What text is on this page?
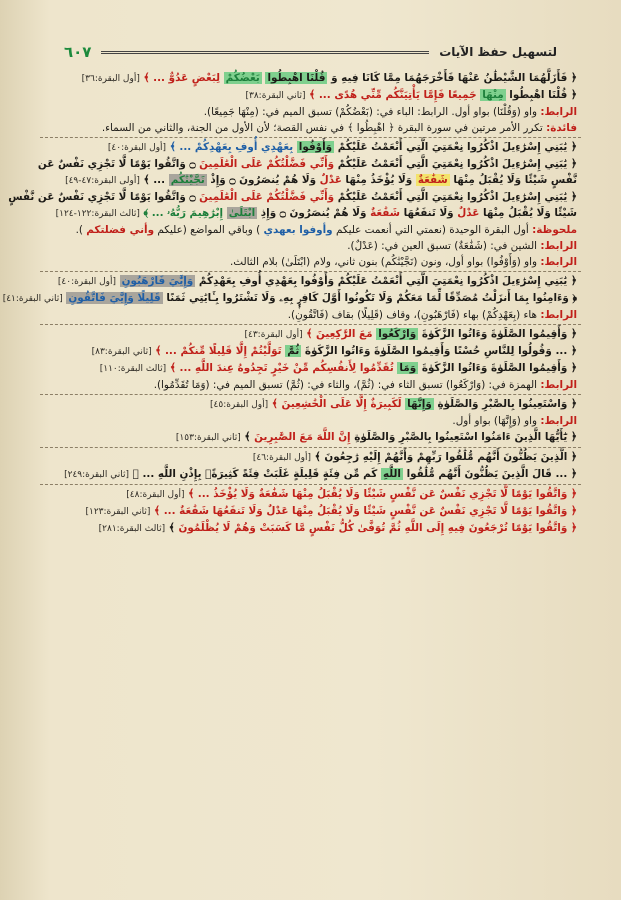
لتسهيل حفظ الآيات
٦٠٧
﴿ فَأَزَلَّهُمَا الشَّيْطَٰنُ عَنْهَا فَأَخْرَجَهُمَا مِمَّا كَانَا فِيهِ وَ قُلْنَا اهْبِطُوا بَعْضُكُمْ لِبَعْضٍ عَدُوٌّ ... ﴾ [أول البقرة:٣٦]
﴿ قُلْنَا اهْبِطُوا مِنْهَا جَمِيعًا فَإِمَّا يَأْتِيَنَّكُم مِّنِّي هُدًى ... ﴾ [ثاني البقرة:٣٨]
الرابط: واو (وَقُلْنَا) بواو أول. الرابط: الباء في: (بَعْضُكُمْ) تسبق الميم في: (مِنْهَا جَمِيعًا).
فائدة: تكرر الأمر مرتين في سورة البقرة ﴿ اهْبِطُوا ﴾ في نفس القصة؛ لأن الأول من الجنة، والثاني من السماء.
﴿ يَٰبَنِي إِسْرَٰءِيلَ اذْكُرُوا نِعْمَتِيَ الَّتِي أَنْعَمْتُ عَلَيْكُمْ وَأَوْفُوا بِعَهْدِي أُوفِ بِعَهْدِكُمْ ... ﴾ [أول البقرة:٤٠]
﴿ يَٰبَنِي إِسْرَٰءِيلَ اذْكُرُوا نِعْمَتِيَ الَّتِي أَنْعَمْتُ عَلَيْكُمْ وَأَنِّي فَضَّلْتُكُمْ عَلَى الْعَٰلَمِينَ ۝ وَاتَّقُوا يَوْمًا لَّا تَجْزِي نَفْسٌ عَن
نَّفْسٍ شَيْئًا وَلَا يُقْبَلُ مِنْهَا شَفَٰعَةٌ وَلَا يُؤْخَذُ مِنْهَا عَدْلٌ وَلَا هُمْ يُنصَرُونَ ۝ وَإِذْ نَجَّيْنَٰكُم ... ﴾ [أولى البقرة:٤٧-٤٩]
﴿ يَٰبَنِي إِسْرَٰءِيلَ اذْكُرُوا نِعْمَتِيَ الَّتِي أَنْعَمْتُ عَلَيْكُمْ وَأَنِّي فَضَّلْتُكُمْ عَلَى الْعَٰلَمِينَ ۝ وَاتَّقُوا يَوْمًا لَّا تَجْزِي نَفْسٌ عَن نَّفْسٍ
شَيْئًا وَلَا يُقْبَلُ مِنْهَا عَدْلٌ وَلَا تَنفَعُهَا شَفَٰعَةٌ وَلَا هُمْ يُنصَرُونَ ۝ وَإِذِ ابْتَلَىٰ إِبْرَٰهِيمَ رَبُّهُۥ ... ﴾ [ثالث البقرة:١٢٢-١٢٤]
ملحوظة: أول البقرة الوحيدة (نعمتي التي أنعمت عليكم وأوفوا بعهدي ) وباقي المواضع (عليكم وأني فضلتكم ).
الرابط: الشين في: (شَفَٰعَةٌ) تسبق العين في: (عَدْلٌ).
الرابط: واو (وَأَوْفُوا) بواو أول، ونون (نَجَّيْنَٰكُم) بنون ثاني، ولام (ابْتَلَىٰ) بلام الثالث.
﴿ يَٰبَنِي إِسْرَٰءِيلَ اذْكُرُوا نِعْمَتِيَ الَّتِي أَنْعَمْتُ عَلَيْكُمْ وَأَوْفُوا بِعَهْدِي أُوفِ بِعَهْدِكُمْ وَإِيَّٰيَ فَارْهَبُونِ [أول البقرة:٤٠]
﴿ وَءَامِنُوا بِمَا أَنزَلْتُ مُصَدِّقًا لِّمَا مَعَكُمْ وَلَا تَكُونُوا أَوَّلَ كَافِرٍۭ بِهِۦ وَلَا تَشْتَرُوا بِـَٔايَٰتِي ثَمَنًا قَلِيلًا وَإِيَّٰيَ فَاتَّقُونِ [ثاني البقرة:٤١]
الرابط: هاء (بِعَهْدِكُمْ) بهاء (فَارْهَبُونِ)، وقاف (قَلِيلًا) بقاف (فَاتَّقُونِ).
﴿ وَأَقِيمُوا الصَّلَوٰةَ وَءَاتُوا الزَّكَوٰةَ وَارْكَعُوا مَعَ الرَّٰكِعِينَ ﴾ [أول البقرة:٤٣]
﴿ ... وَقُولُوا لِلنَّاسِ حُسْنًا وَأَقِيمُوا الصَّلَوٰةَ وَءَاتُوا الزَّكَوٰةَ ثُمَّ تَوَلَّيْتُمْ إِلَّا قَلِيلًا مِّنكُمْ ... ﴾ [ثاني البقرة:٨٣]
﴿ وَأَقِيمُوا الصَّلَوٰةَ وَءَاتُوا الزَّكَوٰةَ وَمَا تُقَدِّمُوا لِأَنفُسِكُم مِّنْ خَيْرٍ تَجِدُوهُ عِندَ اللَّهِ ... ﴾ [ثالث البقرة:١١٠]
الرابط: الهمزة في: (وَارْكَعُوا) تسبق الثاء في: (ثُمَّ)، والثاء في: (ثُمَّ) تسبق الميم في: (وَمَا تُقَدِّمُوا).
﴿ وَاسْتَعِينُوا بِالصَّبْرِ وَالصَّلَوٰةِ وَإِنَّهَا لَكَبِيرَةٌ إِلَّا عَلَى الْخَٰشِعِينَ ﴾ [أول البقرة:٤٥]
الرابط: واو (وَإِنَّهَا) بواو أول.
﴿ يَٰٓأَيُّهَا الَّذِينَ ءَامَنُوا اسْتَعِينُوا بِالصَّبْرِ وَالصَّلَوٰةِ إِنَّ اللَّهَ مَعَ الصَّٰبِرِينَ ﴾ [ثاني البقرة:١٥٣]
﴿ الَّذِينَ يَظُنُّونَ أَنَّهُم مُّلَٰقُوا رَبِّهِمْ وَأَنَّهُمْ إِلَيْهِ رَٰجِعُونَ ﴾ [أول البقرة:٤٦]
﴿ ... قَالَ الَّذِينَ يَظُنُّونَ أَنَّهُم مُّلَٰقُوا اللَّهِ كَم مِّن فِئَةٍ قَلِيلَةٍ غَلَبَتْ فِئَةً كَثِيرَةًۢ بِإِذْنِ اللَّهِ ... ﴾ [ثاني البقرة:٢٤٩]
﴿ وَاتَّقُوا يَوْمًا لَّا تَجْزِي نَفْسٌ عَن نَّفْسٍ شَيْئًا وَلَا يُقْبَلُ مِنْهَا شَفَٰعَةٌ وَلَا يُؤْخَذُ ... ﴾ [أول البقرة:٤٨]
﴿ وَاتَّقُوا يَوْمًا لَّا تَجْزِي نَفْسٌ عَن نَّفْسٍ شَيْئًا وَلَا يُقْبَلُ مِنْهَا عَدْلٌ وَلَا تَنفَعُهَا شَفَٰعَةٌ ... ﴾ [ثاني البقرة:١٢٣]
﴿ وَاتَّقُوا يَوْمًا تُرْجَعُونَ فِيهِ إِلَى اللَّهِ ثُمَّ تُوَفَّىٰ كُلُّ نَفْسٍ مَّا كَسَبَتْ وَهُمْ لَا يُظْلَمُونَ ﴾ [ثالث البقرة:٢٨١]
